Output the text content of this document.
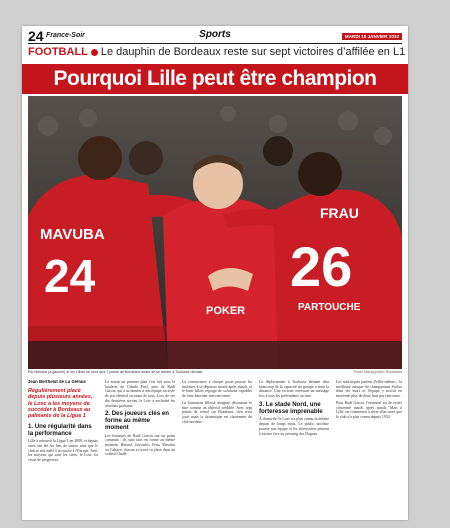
24 France-Soir	Sports	MARDI 19 JANVIER 2010
FOOTBALL Le dauphin de Bordeaux reste sur sept victoires d’affilée en L1
Pourquoi Lille peut être champion
MAVUBA
24
FRAU
26
PARTOUCHE
POKER
Rio Mavuba (à gauche) et les Lillois ne sont qu'à 7 points de Bordeaux avant de se rendre à Toulouse demain.	Photo Maxppp/Alex Rousseau
Jean Berthelot de La Glétais
Régulièrement placé depuis plusieurs années, le Losc a les moyens de succéder à Bordeaux au palmarès de la Ligue 1
1. Une régularité dans la performance

Lille a retrouvé la Ligue 1 en 2000, et depuis rares ont été les fins de saison sans que le club se soit mêlé à la course à l'Europe. Avec les moyens qui sont les siens, le Losc n'a cessé de progresser.

Le retour au premier plan s'est fait sous la houlette de Claude Puel, puis de Rudi Garcia, qui a su donner à son équipe un style de jeu offensif reconnu de tous. Lors de ses dix dernières sorties, le Losc a enchaîné les résultats probants.

2. Des joueurs clés en forme au même moment

Les hommes de Rudi Garcia ont un point commun : ils sont tous en forme au même moment. Hazard, Gervinho, Frau, Mavuba ou Cabaye, chacun a trouvé sa place dans un collectif huilé.

La concurrence à chaque poste pousse les titulaires à se dépasser match après match, et le banc lillois regorge de solutions capables de faire basculer une rencontre.

La formation lilloise imagine désormais le titre comme un objectif crédible. Avec sept points de retard sur Bordeaux, rien n'est joué, mais la dynamique est clairement du côté nordiste.

Le déplacement à Toulouse demain dira beaucoup de la capacité du groupe à tenir la distance. Une victoire enverrait un message fort à tous les prétendants au titre.

3. Le stade Nord, une forteresse imprenable

À domicile, le Losc n'a plus connu la défaite depuis de longs mois. Le public nordiste pousse son équipe et les adversaires peinent à exister face au pressing des Dogues.

Les statistiques parlent d'elles-mêmes : la meilleure attaque du championnat évolue dans ses murs et l'équipe y inscrit en moyenne plus de deux buts par rencontre.

Pour Rudi Garcia, l'essentiel est de rester concentré match après match. Mais à Lille, on commence à rêver d'un sacre que le club n'a plus connu depuis 1954.
